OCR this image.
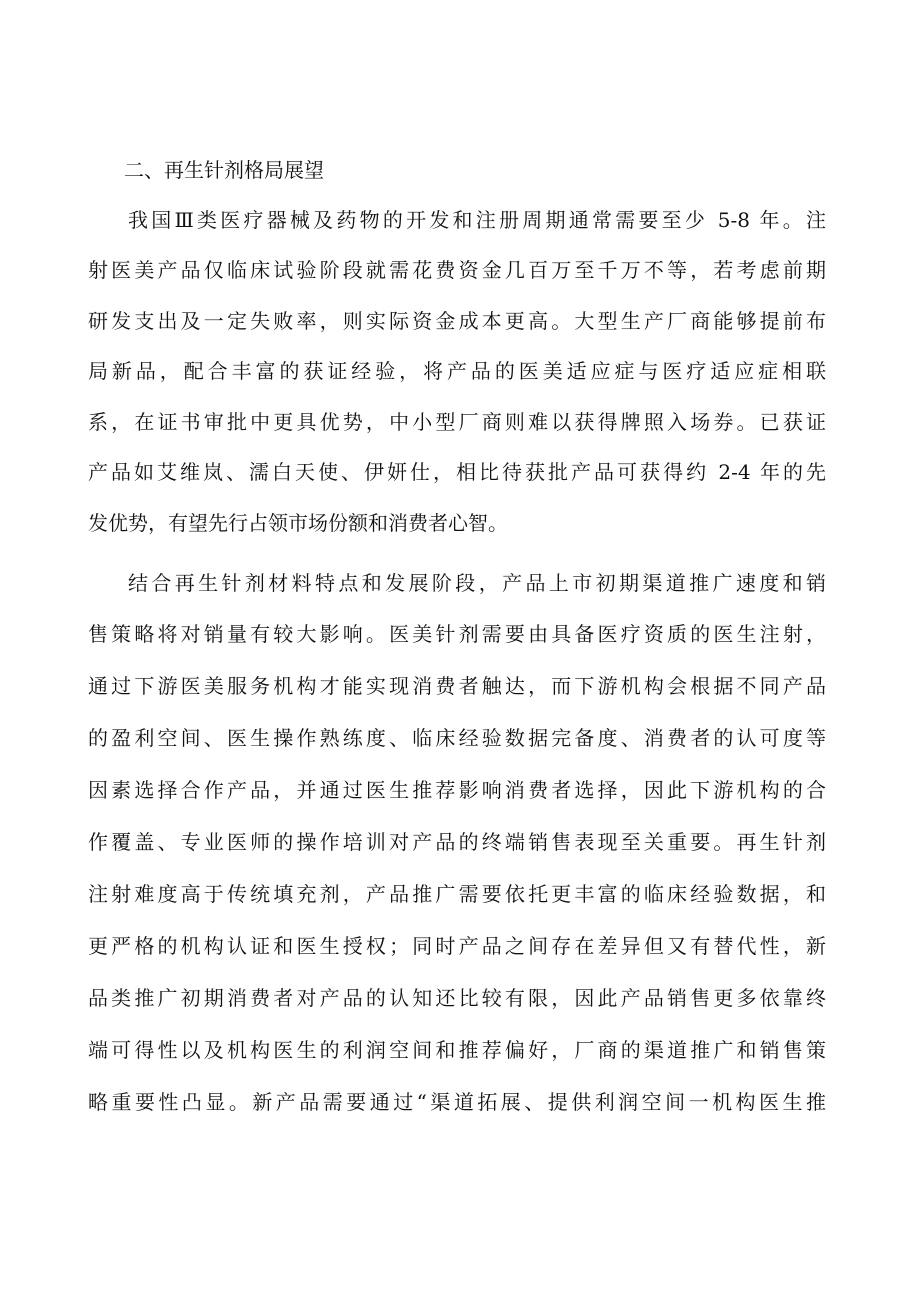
二、再生针剂格局展望

我国Ⅲ类医疗器械及药物的开发和注册周期通常需要至少 5-8 年。注

射医美产品仅临床试验阶段就需花费资金几百万至千万不等，若考虑前期

研发支出及一定失败率，则实际资金成本更高。大型生产厂商能够提前布

局新品，配合丰富的获证经验，将产品的医美适应症与医疗适应症相联

系，在证书审批中更具优势，中小型厂商则难以获得牌照入场券。已获证

产品如艾维岚、濡白天使、伊妍仕，相比待获批产品可获得约 2-4 年的先

发优势，有望先行占领市场份额和消费者心智。

结合再生针剂材料特点和发展阶段，产品上市初期渠道推广速度和销

售策略将对销量有较大影响。医美针剂需要由具备医疗资质的医生注射，

通过下游医美服务机构才能实现消费者触达，而下游机构会根据不同产品

的盈利空间、医生操作熟练度、临床经验数据完备度、消费者的认可度等

因素选择合作产品，并通过医生推荐影响消费者选择，因此下游机构的合

作覆盖、专业医师的操作培训对产品的终端销售表现至关重要。再生针剂

注射难度高于传统填充剂，产品推广需要依托更丰富的临床经验数据，和

更严格的机构认证和医生授权；同时产品之间存在差异但又有替代性，新

品类推广初期消费者对产品的认知还比较有限，因此产品销售更多依靠终

端可得性以及机构医生的利润空间和推荐偏好，厂商的渠道推广和销售策

略重要性凸显。新产品需要通过“渠道拓展、提供利润空间一机构医生推
